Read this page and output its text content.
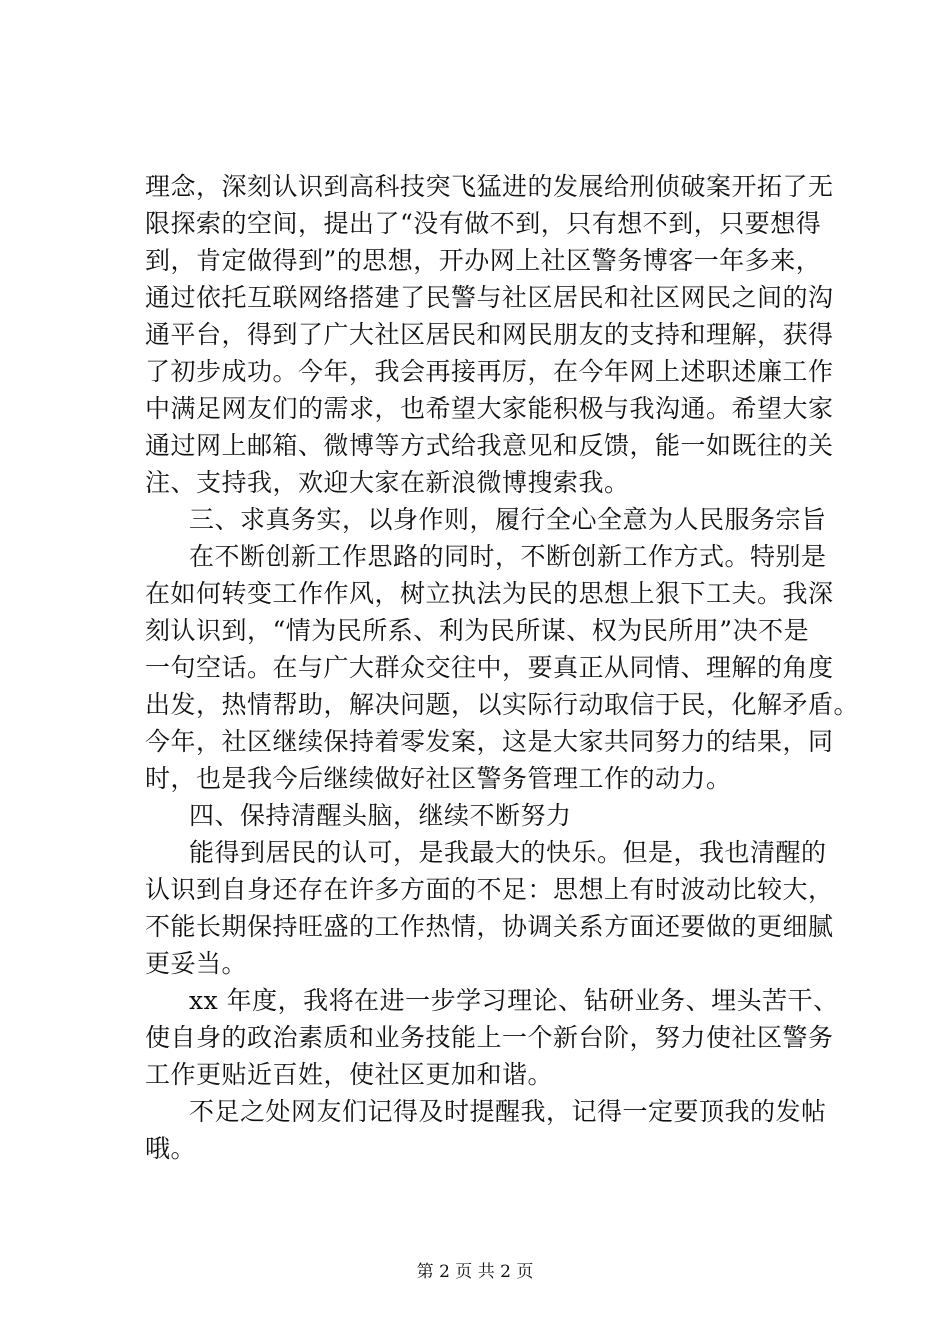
理念，深刻认识到高科技突飞猛进的发展给刑侦破案开拓了无
限探索的空间，提出了“没有做不到，只有想不到，只要想得
到，肯定做得到”的思想，开办网上社区警务博客一年多来，
通过依托互联网络搭建了民警与社区居民和社区网民之间的沟
通平台，得到了广大社区居民和网民朋友的支持和理解，获得
了初步成功。今年，我会再接再厉，在今年网上述职述廉工作
中满足网友们的需求，也希望大家能积极与我沟通。希望大家
通过网上邮箱、微博等方式给我意见和反馈，能一如既往的关
注、支持我，欢迎大家在新浪微博搜索我。
三、求真务实，以身作则，履行全心全意为人民服务宗旨
在不断创新工作思路的同时，不断创新工作方式。特别是
在如何转变工作作风，树立执法为民的思想上狠下工夫。我深
刻认识到，“情为民所系、利为民所谋、权为民所用”决不是
一句空话。在与广大群众交往中，要真正从同情、理解的角度
出发，热情帮助，解决问题，以实际行动取信于民，化解矛盾。
今年，社区继续保持着零发案，这是大家共同努力的结果，同
时，也是我今后继续做好社区警务管理工作的动力。
四、保持清醒头脑，继续不断努力
能得到居民的认可，是我最大的快乐。但是，我也清醒的
认识到自身还存在许多方面的不足：思想上有时波动比较大，
不能长期保持旺盛的工作热情，协调关系方面还要做的更细腻
更妥当。
xx 年度，我将在进一步学习理论、钻研业务、埋头苦干、
使自身的政治素质和业务技能上一个新台阶，努力使社区警务
工作更贴近百姓，使社区更加和谐。
不足之处网友们记得及时提醒我，记得一定要顶我的发帖
哦。
第 2 页 共 2 页
